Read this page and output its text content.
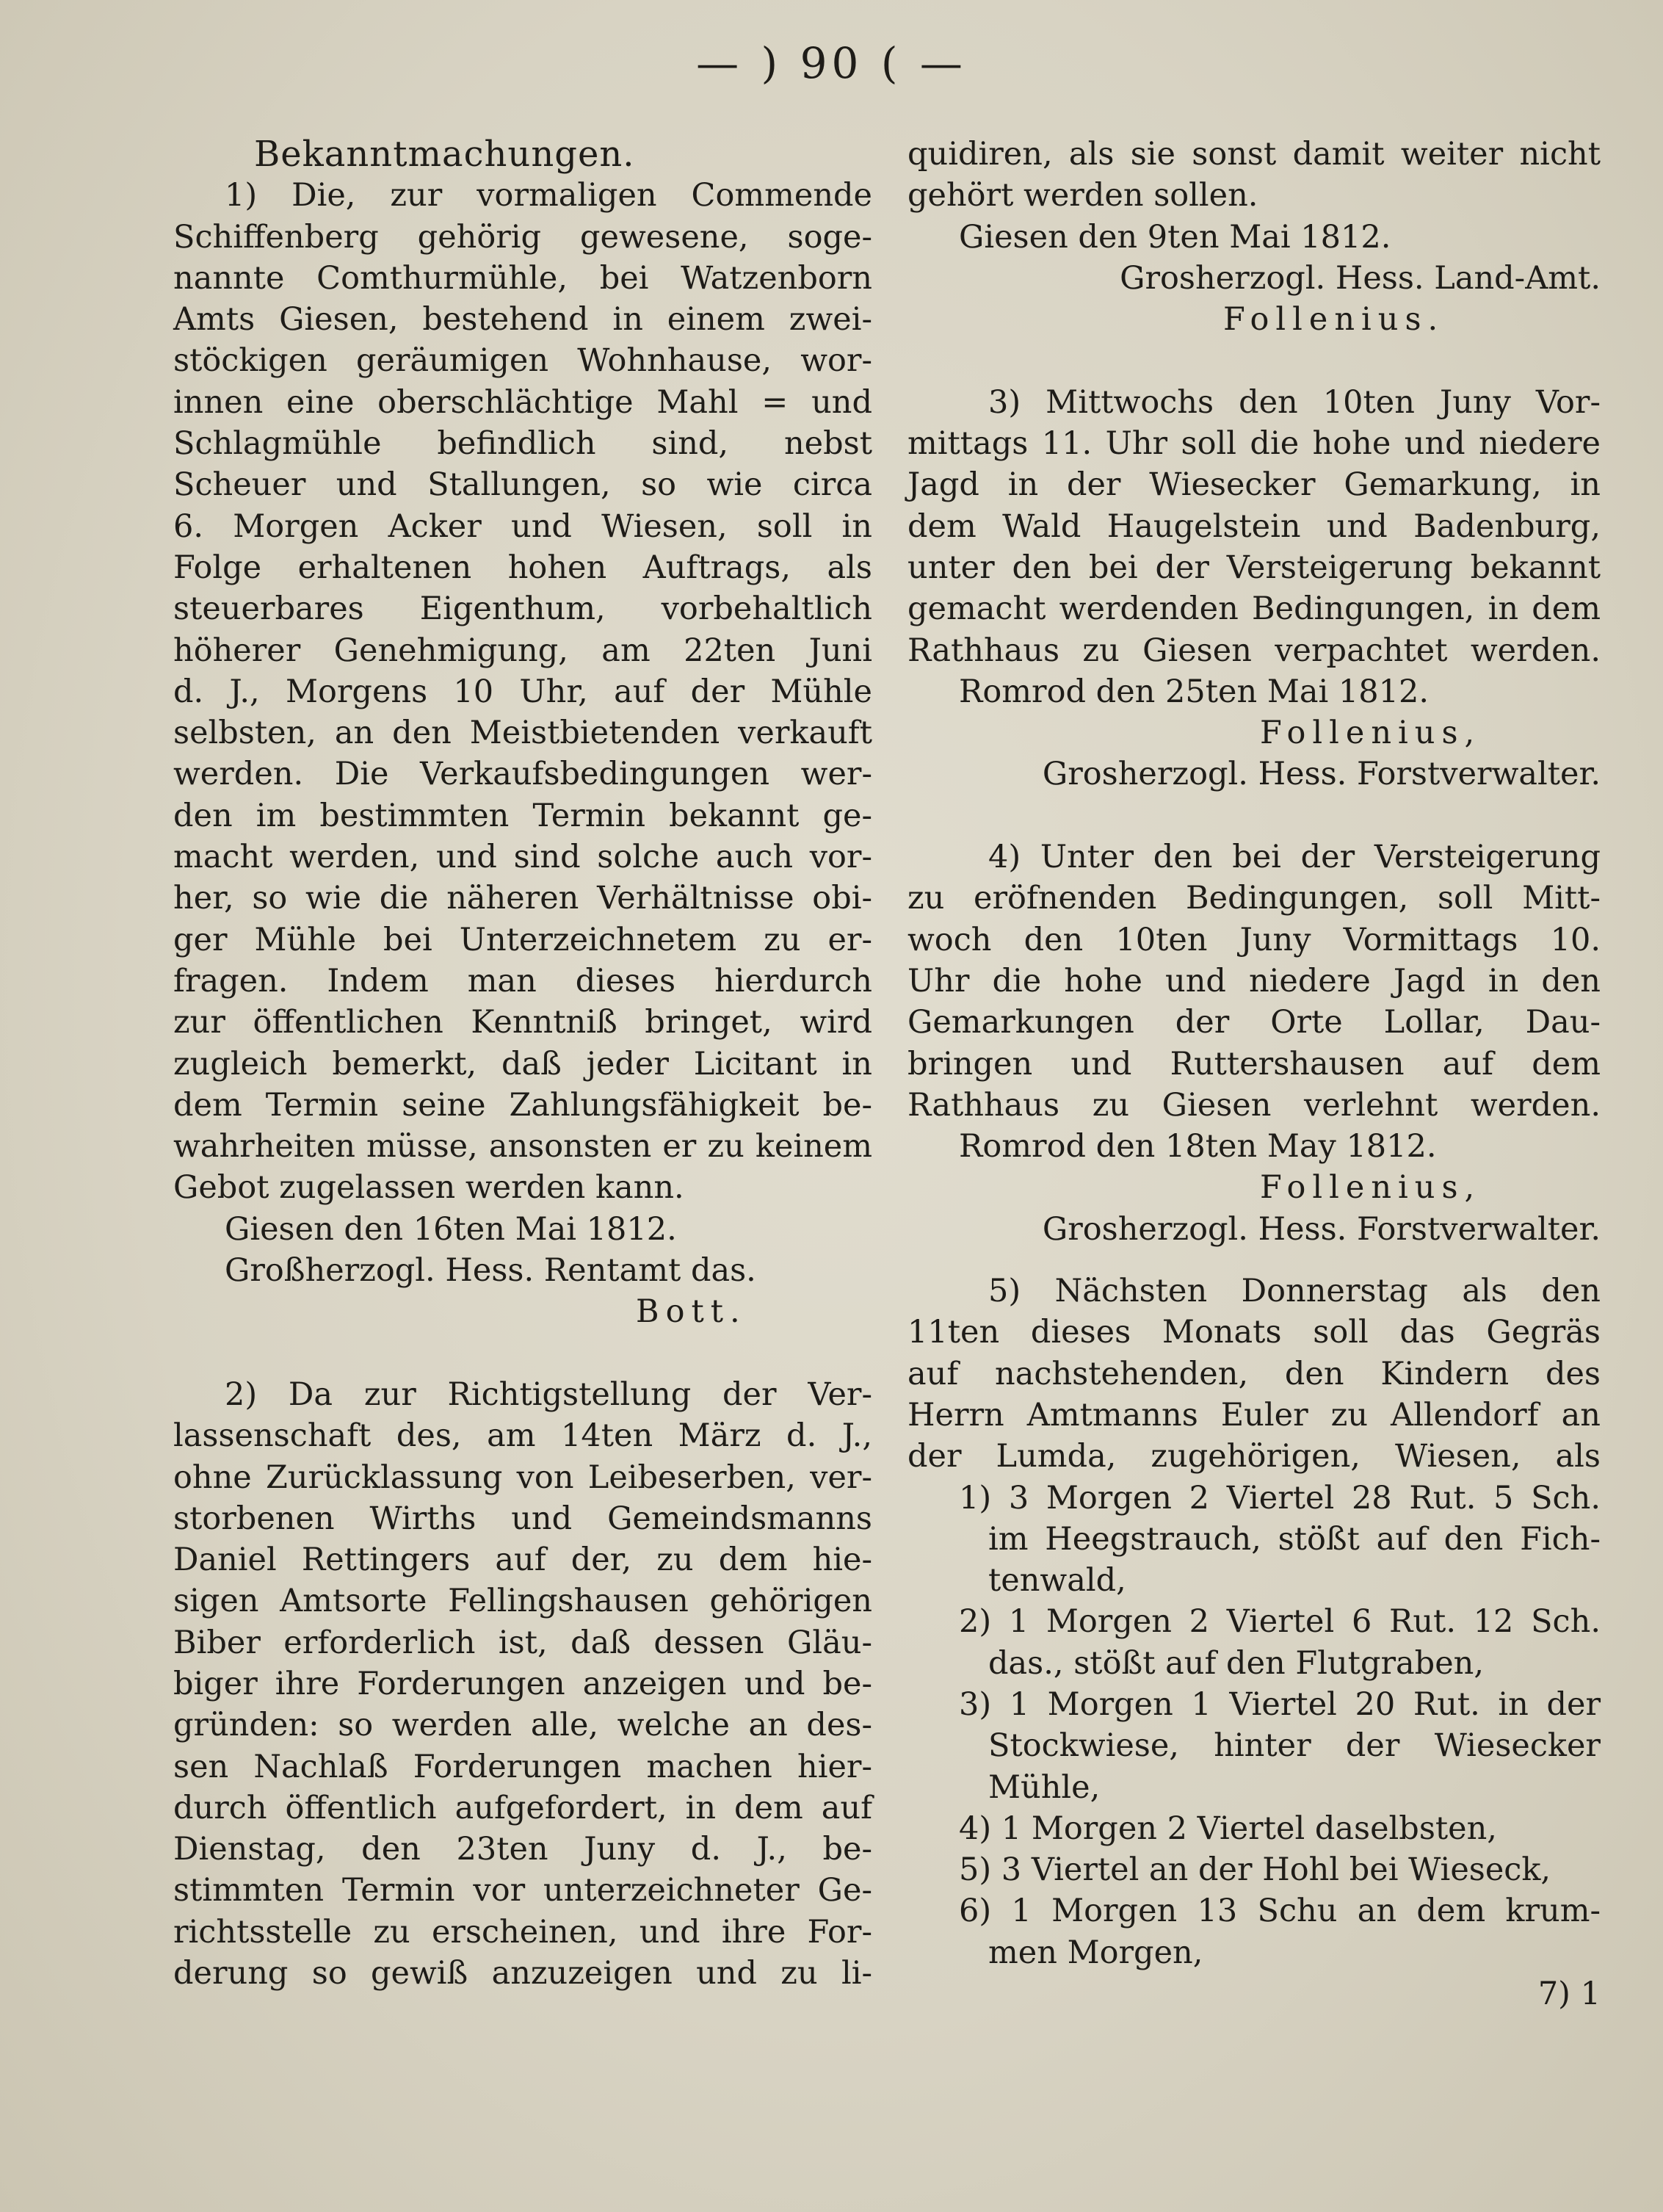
— ) 90 ( —
Bekanntmachungen.
1) Die, zur vormaligen Commende
Schiffenberg gehörig gewesene, soge-
nannte Comthurmühle, bei Watzenborn
Amts Giesen, bestehend in einem zwei-
stöckigen geräumigen Wohnhause, wor-
innen eine oberschlächtige Mahl = und
Schlagmühle befindlich sind, nebst
Scheuer und Stallungen, so wie circa
6. Morgen Acker und Wiesen, soll in
Folge erhaltenen hohen Auftrags, als
steuerbares Eigenthum, vorbehaltlich
höherer Genehmigung, am 22ten Juni
d. J., Morgens 10 Uhr, auf der Mühle
selbsten, an den Meistbietenden verkauft
werden. Die Verkaufsbedingungen wer-
den im bestimmten Termin bekannt ge-
macht werden, und sind solche auch vor-
her, so wie die näheren Verhältnisse obi-
ger Mühle bei Unterzeichnetem zu er-
fragen. Indem man dieses hierdurch
zur öffentlichen Kenntniß bringet, wird
zugleich bemerkt, daß jeder Licitant in
dem Termin seine Zahlungsfähigkeit be-
wahrheiten müsse, ansonsten er zu keinem
Gebot zugelassen werden kann.
Giesen den 16ten Mai 1812.
Großherzogl. Hess. Rentamt das.
Bott.
2) Da zur Richtigstellung der Ver-
lassenschaft des, am 14ten März d. J.,
ohne Zurücklassung von Leibeserben, ver-
storbenen Wirths und Gemeindsmanns
Daniel Rettingers auf der, zu dem hie-
sigen Amtsorte Fellingshausen gehörigen
Biber erforderlich ist, daß dessen Gläu-
biger ihre Forderungen anzeigen und be-
gründen: so werden alle, welche an des-
sen Nachlaß Forderungen machen hier-
durch öffentlich aufgefordert, in dem auf
Dienstag, den 23ten Juny d. J., be-
stimmten Termin vor unterzeichneter Ge-
richtsstelle zu erscheinen, und ihre For-
derung so gewiß anzuzeigen und zu li-
quidiren, als sie sonst damit weiter nicht
gehört werden sollen.
Giesen den 9ten Mai 1812.
Grosherzogl. Hess. Land-Amt.
Follenius.
3) Mittwochs den 10ten Juny Vor-
mittags 11. Uhr soll die hohe und niedere
Jagd in der Wiesecker Gemarkung, in
dem Wald Haugelstein und Badenburg,
unter den bei der Versteigerung bekannt
gemacht werdenden Bedingungen, in dem
Rathhaus zu Giesen verpachtet werden.
Romrod den 25ten Mai 1812.
Follenius,
Grosherzogl. Hess. Forstverwalter.
4) Unter den bei der Versteigerung
zu eröfnenden Bedingungen, soll Mitt-
woch den 10ten Juny Vormittags 10.
Uhr die hohe und niedere Jagd in den
Gemarkungen der Orte Lollar, Dau-
bringen und Ruttershausen auf dem
Rathhaus zu Giesen verlehnt werden.
Romrod den 18ten May 1812.
Follenius,
Grosherzogl. Hess. Forstverwalter.
5) Nächsten Donnerstag als den
11ten dieses Monats soll das Gegräs
auf nachstehenden, den Kindern des
Herrn Amtmanns Euler zu Allendorf an
der Lumda, zugehörigen, Wiesen, als
1) 3 Morgen 2 Viertel 28 Rut. 5 Sch.
im Heegstrauch, stößt auf den Fich-
tenwald,
2) 1 Morgen 2 Viertel 6 Rut. 12 Sch.
das., stößt auf den Flutgraben,
3) 1 Morgen 1 Viertel 20 Rut. in der
Stockwiese, hinter der Wiesecker
Mühle,
4) 1 Morgen 2 Viertel daselbsten,
5) 3 Viertel an der Hohl bei Wieseck,
6) 1 Morgen 13 Schu an dem krum-
men Morgen,
7) 1
